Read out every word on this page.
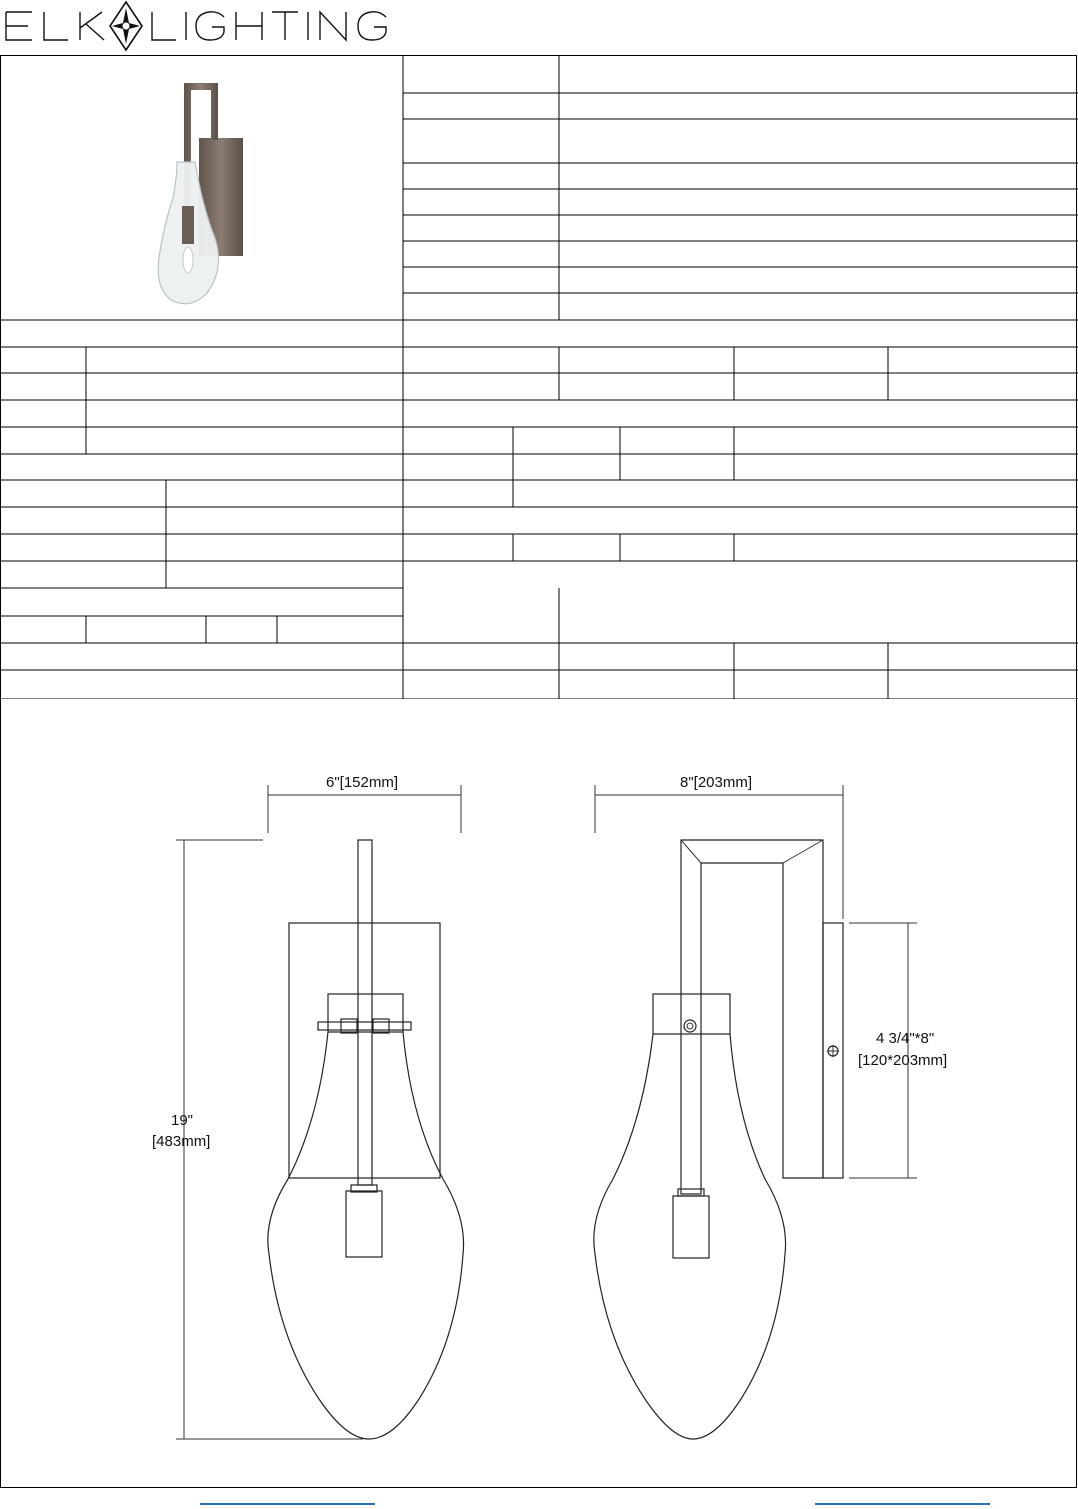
6"[152mm]
19"
[483mm]
8"[203mm]
4 3/4"*8"
[120*203mm]
